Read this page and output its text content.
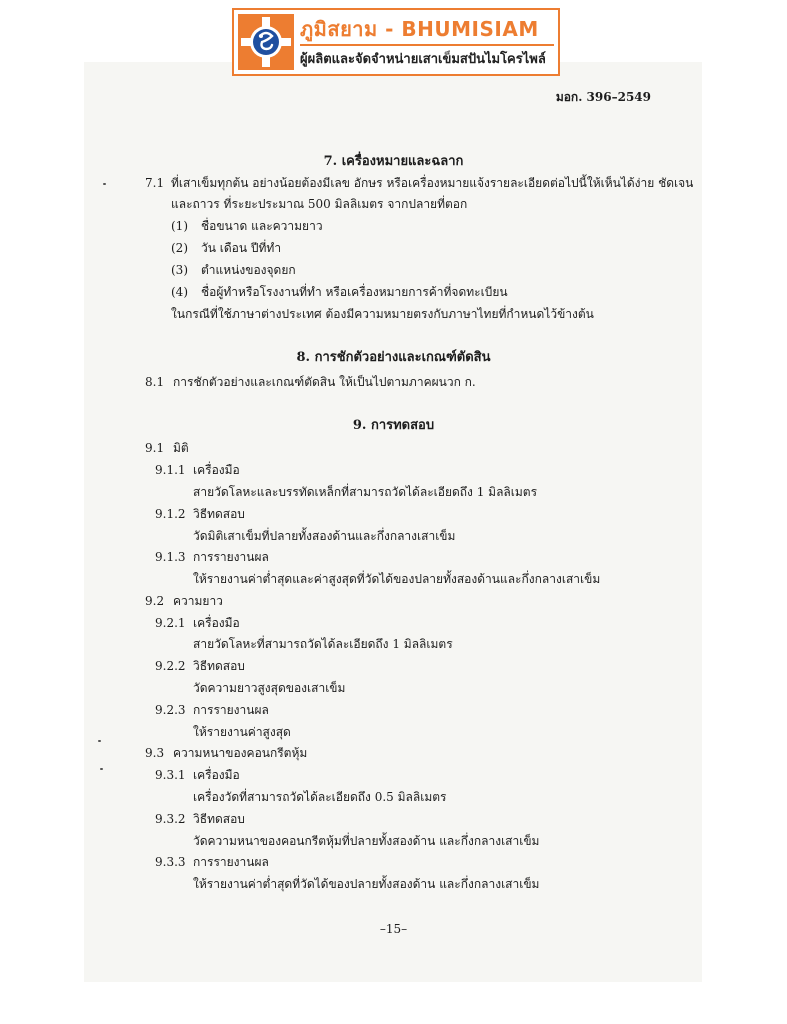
ภูมิสยาม - BHUMISIAM
ผู้ผลิตและจัดจำหน่ายเสาเข็มสปันไมโครไพล์
มอก. 396–2549
7. เครื่องหมายและฉลาก
7.1 ที่เสาเข็มทุกต้น อย่างน้อยต้องมีเลข อักษร หรือเครื่องหมายแจ้งรายละเอียดต่อไปนี้ให้เห็นได้ง่าย ชัดเจน
และถาวร ที่ระยะประมาณ 500 มิลลิเมตร จากปลายที่ตอก
(1) ชื่อขนาด และความยาว
(2) วัน เดือน ปีที่ทำ
(3) ตำแหน่งของจุดยก
(4) ชื่อผู้ทำหรือโรงงานที่ทำ หรือเครื่องหมายการค้าที่จดทะเบียน
ในกรณีที่ใช้ภาษาต่างประเทศ ต้องมีความหมายตรงกับภาษาไทยที่กำหนดไว้ข้างต้น
8. การชักตัวอย่างและเกณฑ์ตัดสิน
8.1 การชักตัวอย่างและเกณฑ์ตัดสิน ให้เป็นไปตามภาคผนวก ก.
9. การทดสอบ
9.1 มิติ
9.1.1 เครื่องมือ
สายวัดโลหะและบรรทัดเหล็กที่สามารถวัดได้ละเอียดถึง 1 มิลลิเมตร
9.1.2 วิธีทดสอบ
วัดมิติเสาเข็มที่ปลายทั้งสองด้านและกึ่งกลางเสาเข็ม
9.1.3 การรายงานผล
ให้รายงานค่าต่ำสุดและค่าสูงสุดที่วัดได้ของปลายทั้งสองด้านและกึ่งกลางเสาเข็ม
9.2 ความยาว
9.2.1 เครื่องมือ
สายวัดโลหะที่สามารถวัดได้ละเอียดถึง 1 มิลลิเมตร
9.2.2 วิธีทดสอบ
วัดความยาวสูงสุดของเสาเข็ม
9.2.3 การรายงานผล
ให้รายงานค่าสูงสุด
9.3 ความหนาของคอนกรีตหุ้ม
9.3.1 เครื่องมือ
เครื่องวัดที่สามารถวัดได้ละเอียดถึง 0.5 มิลลิเมตร
9.3.2 วิธีทดสอบ
วัดความหนาของคอนกรีตหุ้มที่ปลายทั้งสองด้าน และกึ่งกลางเสาเข็ม
9.3.3 การรายงานผล
ให้รายงานค่าต่ำสุดที่วัดได้ของปลายทั้งสองด้าน และกึ่งกลางเสาเข็ม
–15–
